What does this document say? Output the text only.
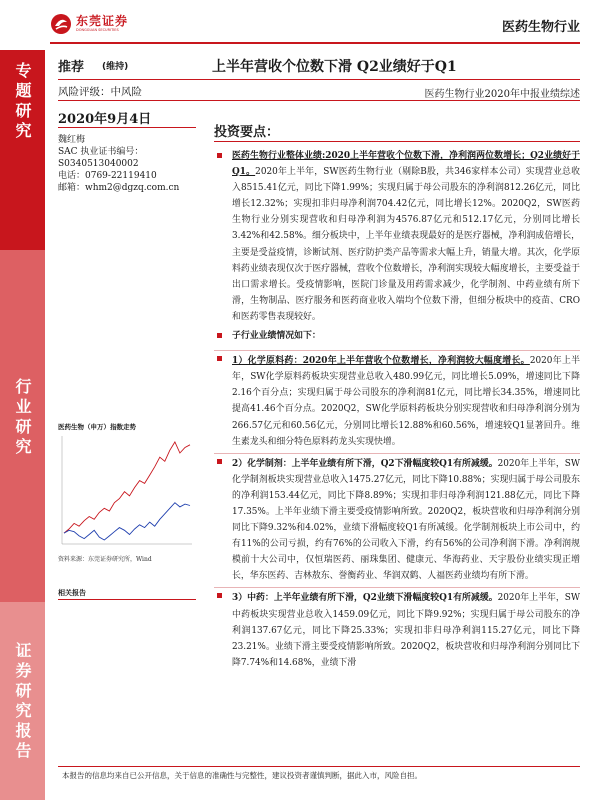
东莞证券
DONGGUAN SECURITIES	医药生物行业
专题研究
行业研究
证券研究报告
推荐 (维持)	上半年营收个位数下滑 Q2业绩好于Q1
风险评级：中风险	医药生物行业2020年中报业绩综述
2020年9月4日
魏红梅
SAC 执业证书编号：
S0340513040002
电话：0769-22119410
邮箱：whm2@dgzq.com.cn
医药生物（申万）指数走势
资料来源：东莞证券研究所，Wind
相关报告
投资要点：
医药生物行业整体业绩:2020上半年营收个位数下滑，净利润两位数增长；Q2业绩好于Q1。2020年上半年，SW医药生物行业（剔除B股，共346家样本公司）实现营业总收入8515.41亿元，同比下降1.99%；实现归属于母公司股东的净利润812.26亿元，同比增长12.32%；实现扣非归母净利润704.42亿元，同比增长12%。2020Q2，SW医药生物行业分别实现营收和归母净利润为4576.87亿元和512.17亿元，分别同比增长3.42%和42.58%。细分板块中，上半年业绩表现最好的是医疗器械，净利润成倍增长，主要是受益疫情，诊断试剂、医疗防护类产品等需求大幅上升，销量大增。其次，化学原料药业绩表现仅次于医疗器械，营收个位数增长，净利润实现较大幅度增长，主要受益于出口需求增长。受疫情影响，医院门诊量及用药需求减少，化学制剂、中药业绩有所下滑，生物制品、医疗服务和医药商业收入端均个位数下滑，但细分板块中的疫苗、CRO和医药零售表现较好。
子行业业绩情况如下：
1）化学原料药：2020年上半年营收个位数增长，净利润较大幅度增长。2020年上半年，SW化学原料药板块实现营业总收入480.99亿元，同比增长5.09%，增速同比下降2.16个百分点；实现归属于母公司股东的净利润81亿元，同比增长34.35%，增速同比提高41.46个百分点。2020Q2，SW化学原料药板块分别实现营收和归母净利润分别为266.57亿元和60.56亿元，分别同比增长12.88%和60.56%，增速较Q1显著回升。维生素龙头和细分特色原料药龙头实现快增。
2）化学制剂：上半年业绩有所下滑，Q2下滑幅度较Q1有所减缓。2020年上半年，SW化学制剂板块实现营业总收入1475.27亿元，同比下降10.88%；实现归属于母公司股东的净利润153.44亿元，同比下降8.89%；实现扣非归母净利润121.88亿元，同比下降17.35%。上半年业绩下滑主要受疫情影响所致。2020Q2，板块营收和归母净利润分别同比下降9.32%和4.02%，业绩下滑幅度较Q1有所减缓。化学制剂板块上市公司中，约有11%的公司亏损，约有76%的公司收入下滑，约有56%的公司净利润下滑。净利润规模前十大公司中，仅恒瑞医药、丽珠集团、健康元、华海药业、天宇股份业绩实现正增长，华东医药、吉林敖东、誉衡药业、华润双鹤、人福医药业绩均有所下滑。
3）中药：上半年业绩有所下滑，Q2业绩下滑幅度较Q1有所减缓。2020年上半年，SW中药板块实现营业总收入1459.09亿元，同比下降9.92%；实现归属于母公司股东的净利润137.67亿元，同比下降25.33%；实现扣非归母净利润115.27亿元，同比下降23.21%。业绩下滑主要受疫情影响所致。2020Q2，板块营收和归母净利润分别同比下降7.74%和14.68%，业绩下滑
本报告的信息均来自已公开信息，关于信息的准确性与完整性，建议投资者谨慎判断，据此入市，风险自担。
